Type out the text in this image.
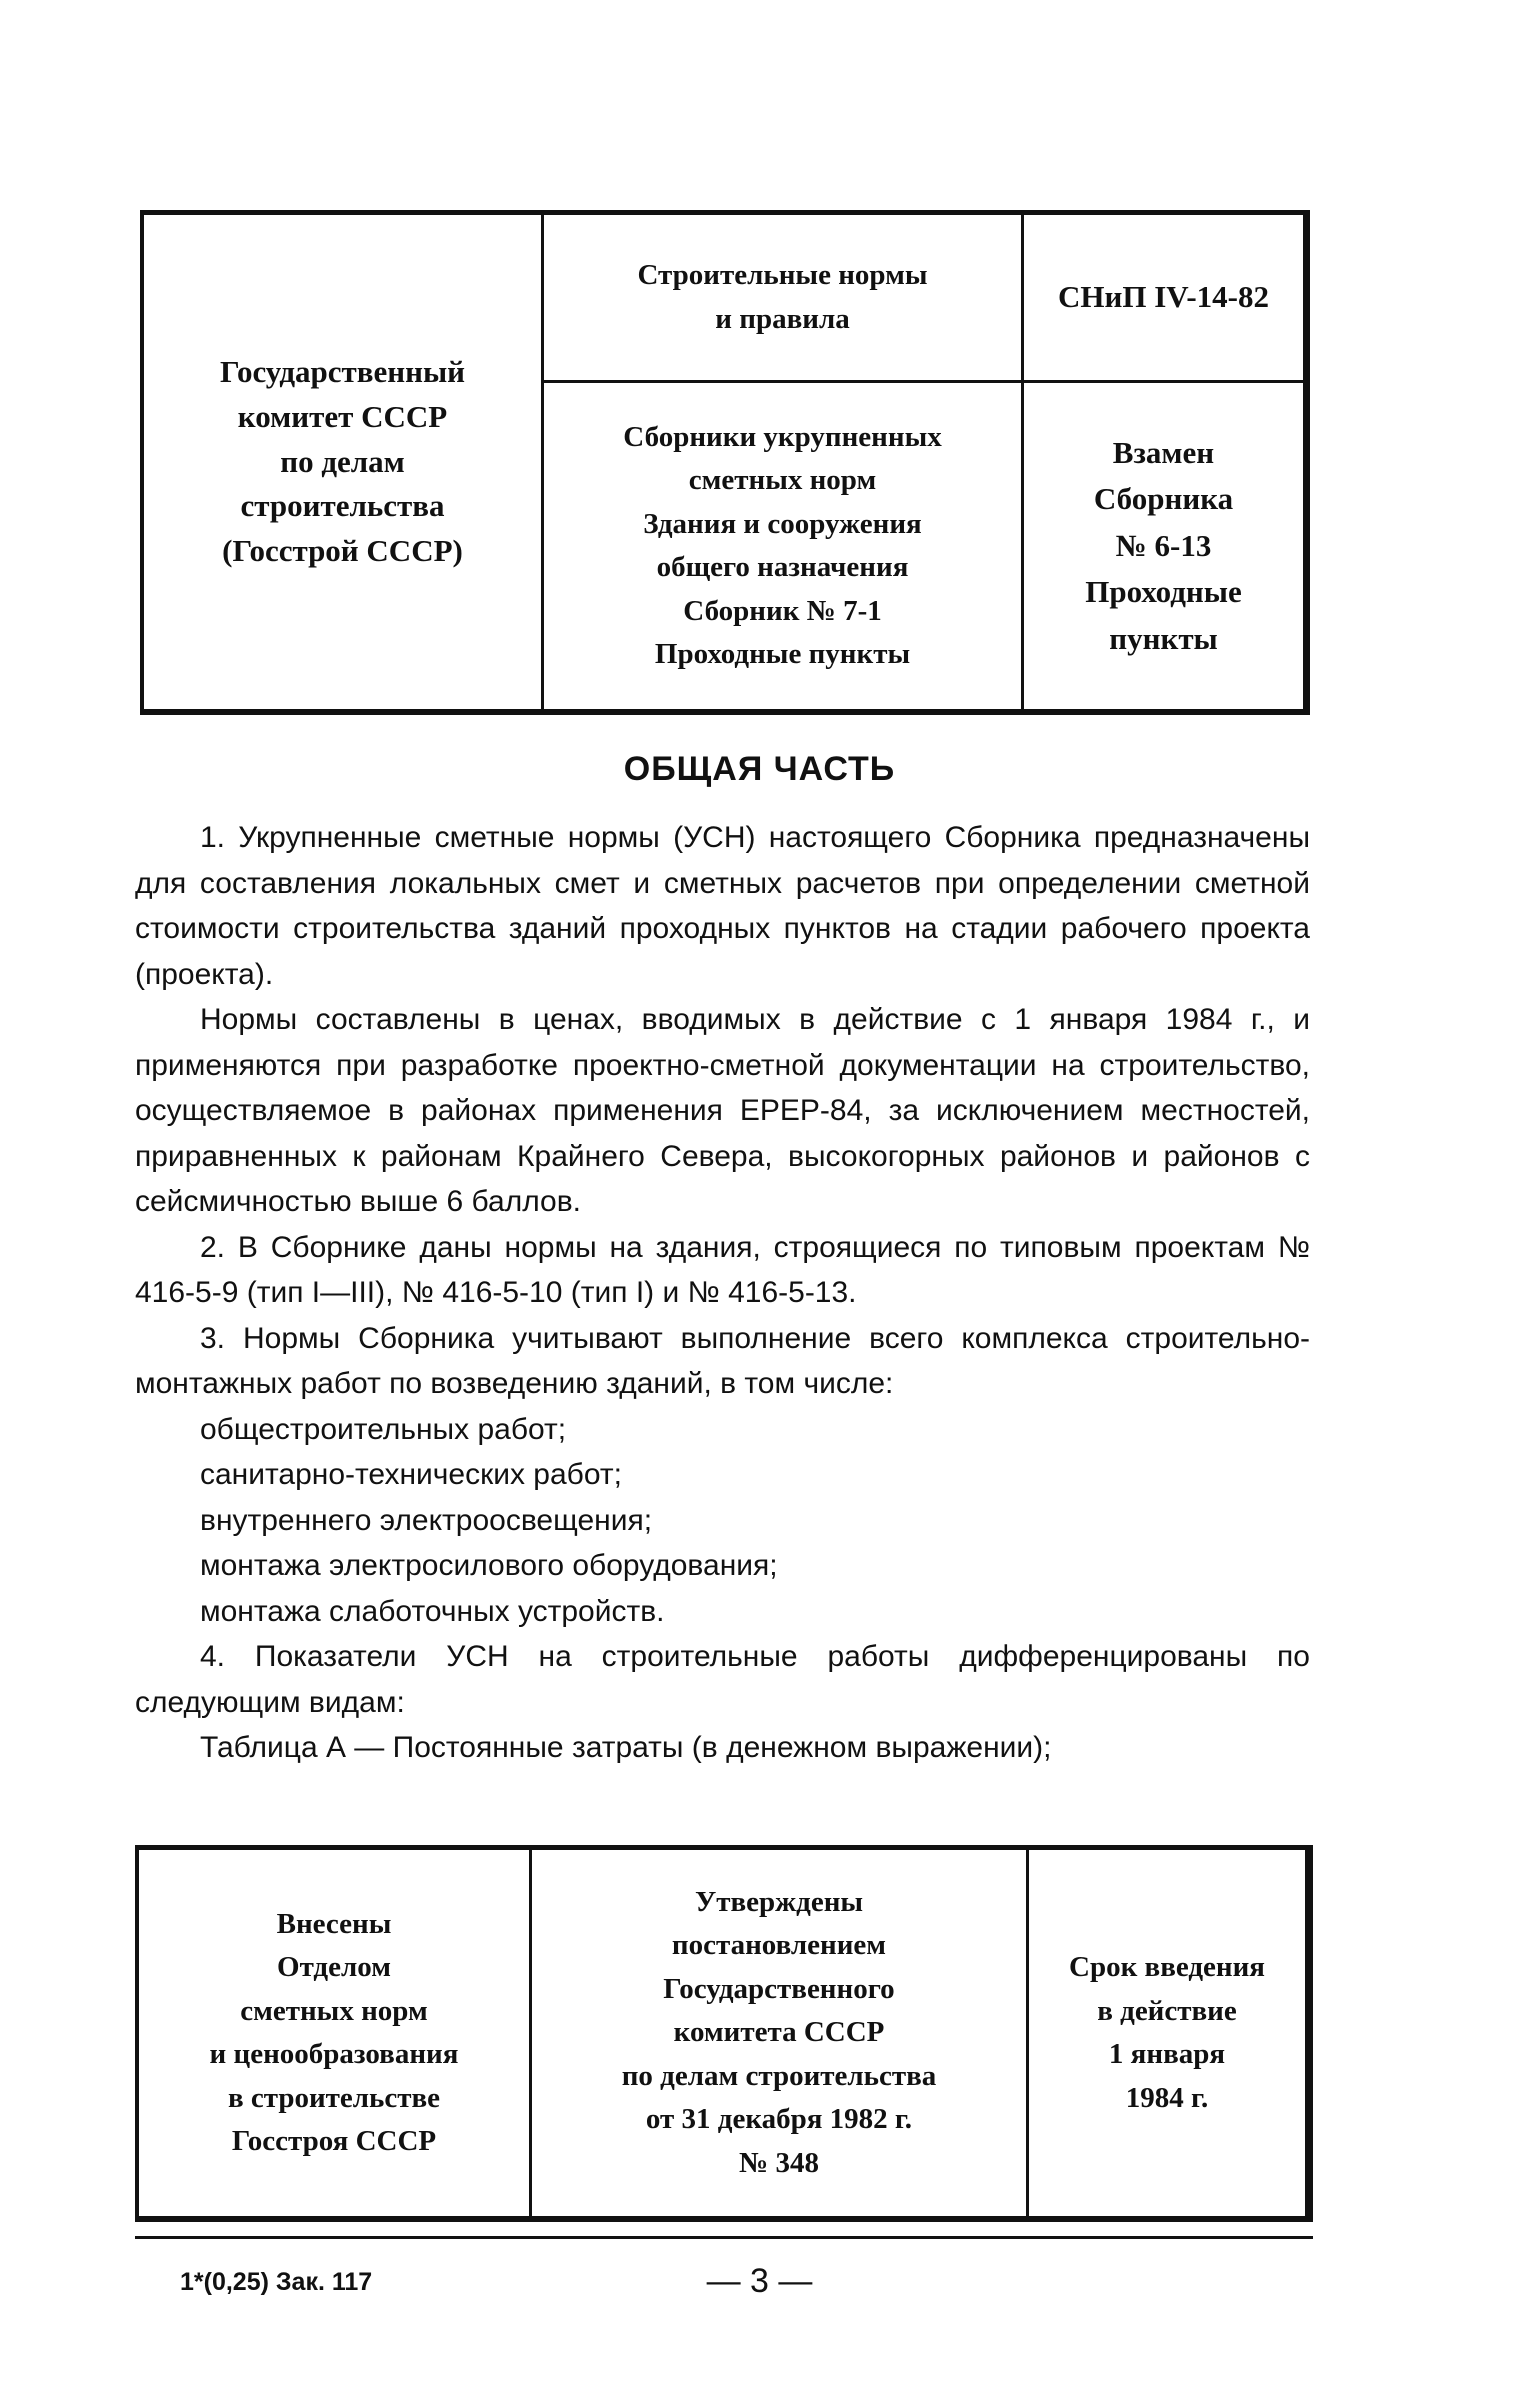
Государственный
комитет СССР
по делам
строительства
(Госстрой СССР)
Строительные нормы
и правила
СНиП IV-14-82
Сборники укрупненных
сметных норм
Здания и сооружения
общего назначения
Сборник № 7-1
Проходные пункты
Взамен
Сборника
№ 6-13
Проходные
пункты
ОБЩАЯ ЧАСТЬ

1. Укрупненные сметные нормы (УСН) настоящего Сборника предназначены для составления локальных смет и сметных расчетов при определении сметной стоимости строительства зданий проходных пунктов на стадии рабочего проекта (проекта).

Нормы составлены в ценах, вводимых в действие с 1 января 1984 г., и применяются при разработке проектно-сметной документации на строительство, осуществляемое в районах применения ЕРЕР-84, за исключением местностей, приравненных к районам Крайнего Севера, высокогорных районов и районов с сейсмичностью выше 6 баллов.

2. В Сборнике даны нормы на здания, строящиеся по типовым проектам № 416-5-9 (тип I—III), № 416-5-10 (тип I) и № 416-5-13.

3. Нормы Сборника учитывают выполнение всего комплекса строительно-монтажных работ по возведению зданий, в том числе:

общестроительных работ;
санитарно-технических работ;
внутреннего электроосвещения;
монтажа электросилового оборудования;
монтажа слаботочных устройств.

4. Показатели УСН на строительные работы дифференцированы по следующим видам:

Таблица А — Постоянные затраты (в денежном выражении);

Внесены
Отделом
сметных норм
и ценообразования
в строительстве
Госстроя СССР
Утверждены
постановлением
Государственного
комитета СССР
по делам строительства
от 31 декабря 1982 г.
№ 348
Срок введения
в действие
1 января
1984 г.
1*(0,25) Зак. 117	— 3 —
